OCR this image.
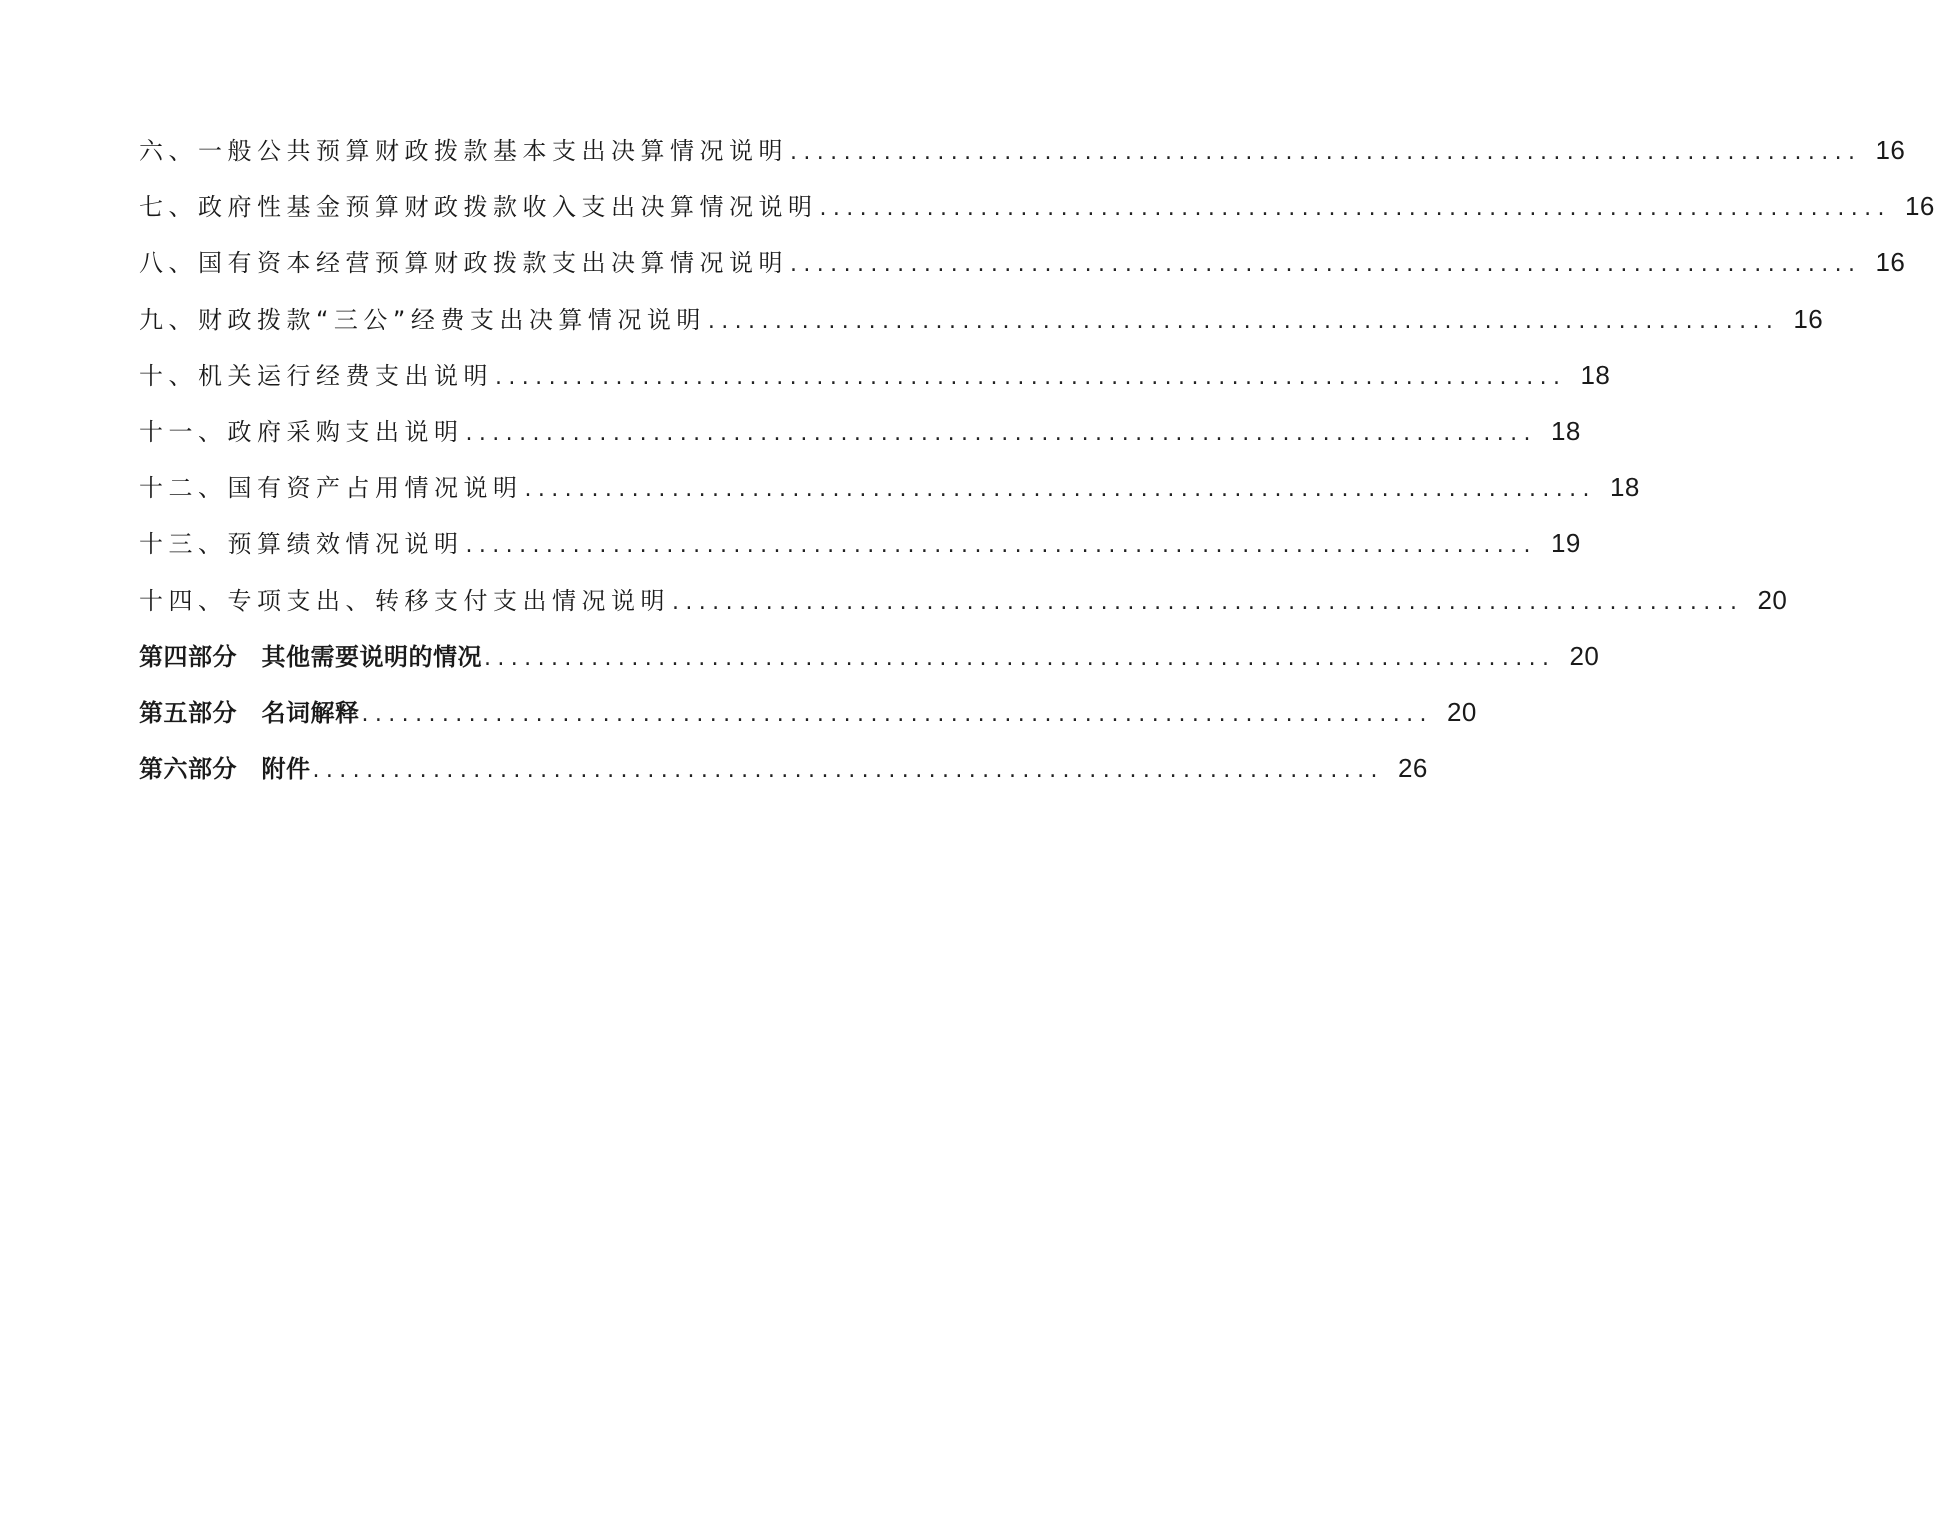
六、一般公共预算财政拨款基本支出决算情况说明 ................................................................................ 16
七、政府性基金预算财政拨款收入支出决算情况说明 ................................................................................ 16
八、国有资本经营预算财政拨款支出决算情况说明 ................................................................................ 16
九、财政拨款“三公”经费支出决算情况说明 ................................................................................ 16
十、机关运行经费支出说明 ................................................................................ 18
十一、政府采购支出说明 ................................................................................ 18
十二、国有资产占用情况说明 ................................................................................ 18
十三、预算绩效情况说明 ................................................................................ 19
十四、专项支出、转移支付支出情况说明 ................................................................................ 20
第四部分　其他需要说明的情况 ................................................................................ 20
第五部分　名词解释 ................................................................................ 20
第六部分　附件 ................................................................................ 26
